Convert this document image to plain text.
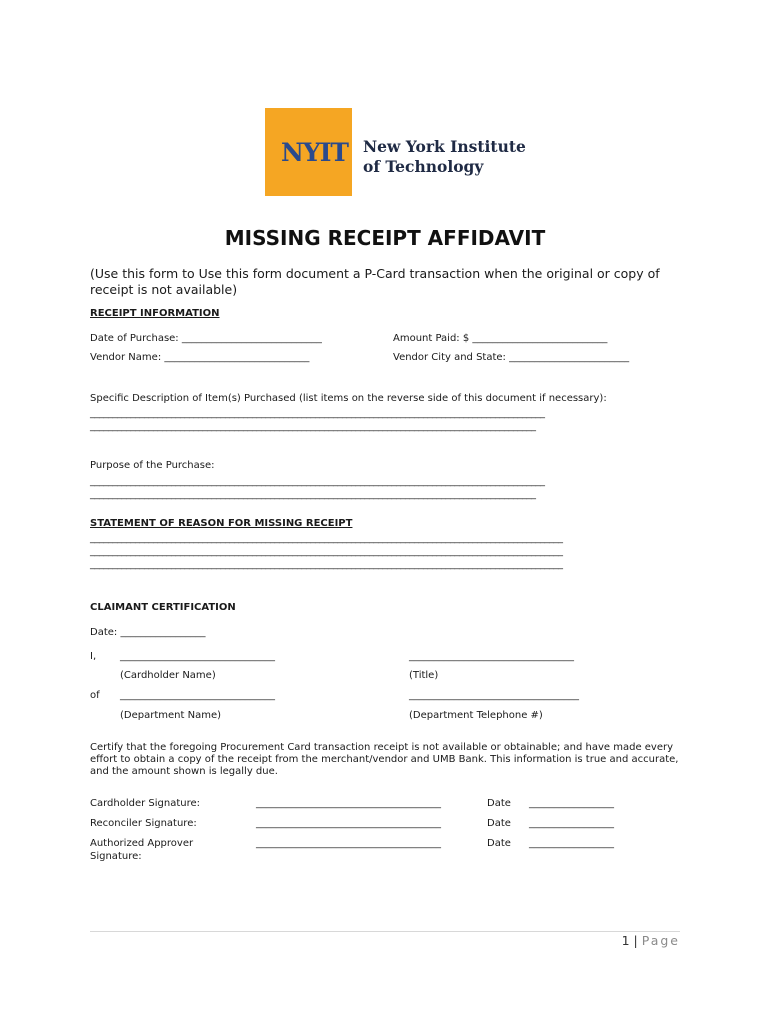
NYIT New York Institute
of Technology
MISSING RECEIPT AFFIDAVIT
(Use this form to Use this form document a P-Card transaction when the original or copy of receipt is not available)
RECEIPT INFORMATION
Date of Purchase: ____________________________	Amount Paid: $ ___________________________
Vendor Name: _____________________________	Vendor City and State: ________________________
Specific Description of Item(s) Purchased (list items on the reverse side of this document if necessary):
_____________________________________________________________________________________________________
___________________________________________________________________________________________________
Purpose of the Purchase:
_____________________________________________________________________________________________________
___________________________________________________________________________________________________
STATEMENT OF REASON FOR MISSING RECEIPT
_________________________________________________________________________________________________________
_________________________________________________________________________________________________________
_________________________________________________________________________________________________________
CLAIMANT CERTIFICATION
Date: _________________
I, _______________________________	_________________________________
(Cardholder Name)	(Title)
of _______________________________	__________________________________
(Department Name)	(Department Telephone #)
Certify that the foregoing Procurement Card transaction receipt is not available or obtainable; and have made every effort to obtain a copy of the receipt from the merchant/vendor and UMB Bank. This information is true and accurate, and the amount shown is legally due.
Cardholder Signature:	_____________________________________	Date _________________
Reconciler Signature:	_____________________________________	Date _________________
Authorized Approver
Signature:
_____________________________________	Date _________________
1 | Page
